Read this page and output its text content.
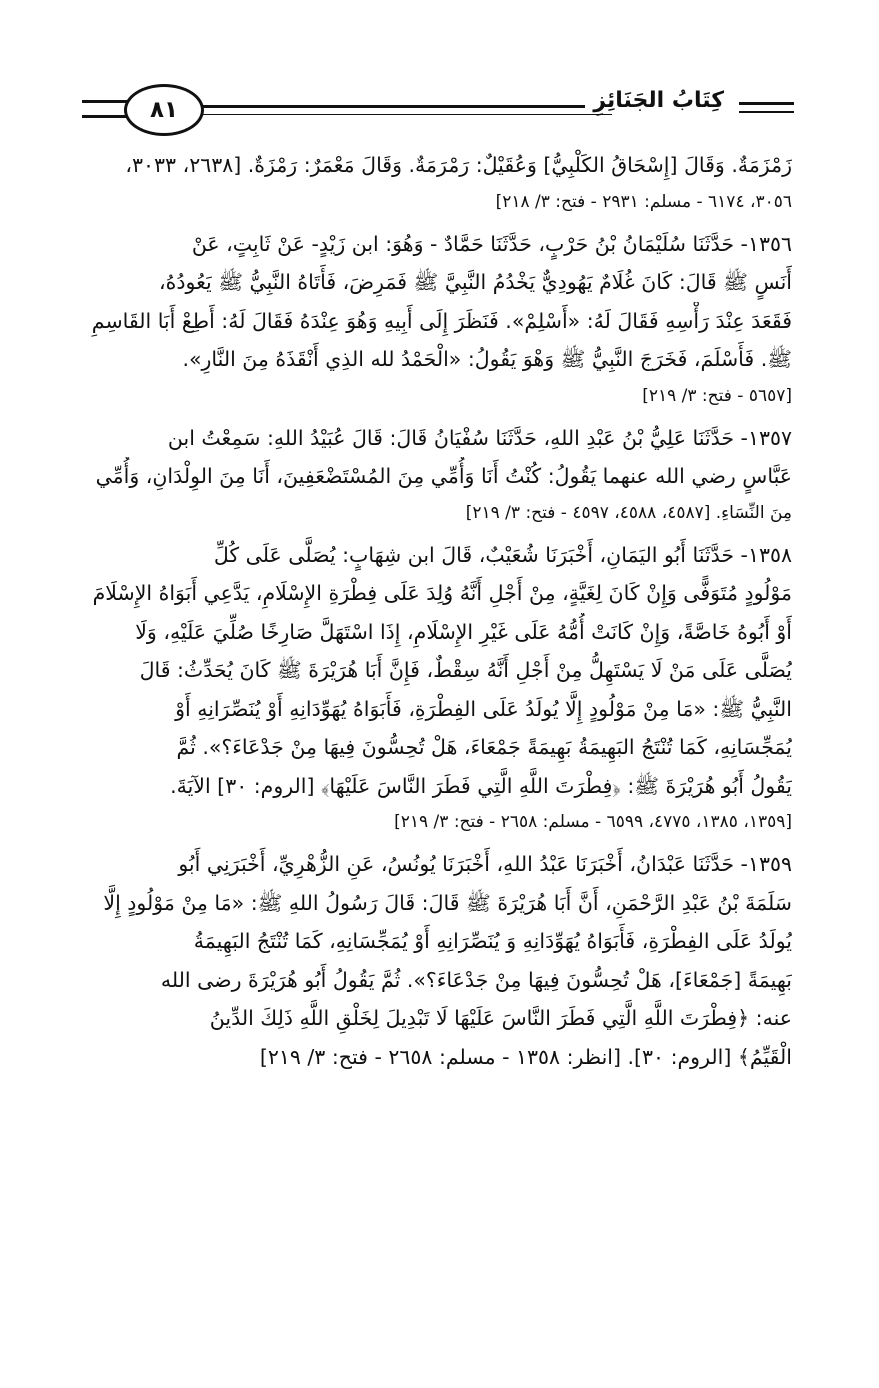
٨١	كِتَابُ الجَنَائِزِ
زَمْزَمَةٌ. وَقَالَ [إِسْحَاقُ الكَلْبِيُّ] وَعُقَيْلٌ: رَمْرَمَةٌ. وَقَالَ مَعْمَرٌ: رَمْزَةٌ. [٢٦٣٨، ٣٠٣٣،
٣٠٥٦، ٦١٧٤ - مسلم: ٢٩٣١ - فتح: ٣/ ٢١٨]
١٣٥٦- حَدَّثَنَا سُلَيْمَانُ بْنُ حَرْبٍ، حَدَّثَنَا حَمَّادٌ - وَهُوَ: ابن زَيْدٍ- عَنْ ثَابِتٍ، عَنْ
أَنَسٍ ﷺ قَالَ: كَانَ غُلَامٌ يَهُودِيٌّ يَخْدُمُ النَّبِيَّ ﷺ فَمَرِضَ، فَأَتَاهُ النَّبِيُّ ﷺ يَعُودُهُ،
فَقَعَدَ عِنْدَ رَأْسِهِ فَقَالَ لَهُ: «أَسْلِمْ». فَنَظَرَ إِلَى أَبِيهِ وَهُوَ عِنْدَهُ فَقَالَ لَهُ: أَطِعْ أَبَا القَاسِمِ
ﷺ. فَأَسْلَمَ، فَخَرَجَ النَّبِيُّ ﷺ وَهْوَ يَقُولُ: «الْحَمْدُ لله الذِي أَنْقَذَهُ مِنَ النَّارِ».
[٥٦٥٧ - فتح: ٣/ ٢١٩]
١٣٥٧- حَدَّثَنَا عَلِيُّ بْنُ عَبْدِ اللهِ، حَدَّثَنَا سُفْيَانُ قَالَ: قَالَ عُبَيْدُ اللهِ: سَمِعْتُ ابن
عَبَّاسٍ رضي الله عنهما يَقُولُ: كُنْتُ أَنَا وَأُمِّي مِنَ المُسْتَضْعَفِينَ، أَنَا مِنَ الوِلْدَانِ، وَأُمِّي
مِنَ النِّسَاءِ. [٤٥٨٧، ٤٥٨٨، ٤٥٩٧ - فتح: ٣/ ٢١٩]
١٣٥٨- حَدَّثَنَا أَبُو اليَمَانِ، أَخْبَرَنَا شُعَيْبٌ، قَالَ ابن شِهَابٍ: يُصَلَّى عَلَى كُلِّ
مَوْلُودٍ مُتَوَفًّى وَإِنْ كَانَ لِغَيَّةٍ، مِنْ أَجْلِ أَنَّهُ وُلِدَ عَلَى فِطْرَةِ الإِسْلَامِ، يَدَّعِي أَبَوَاهُ الإِسْلَامَ
أَوْ أَبُوهُ خَاصَّةً، وَإِنْ كَانَتْ أُمُّهُ عَلَى غَيْرِ الإِسْلَامِ، إِذَا اسْتَهَلَّ صَارِخًا صُلِّيَ عَلَيْهِ، وَلَا
يُصَلَّى عَلَى مَنْ لَا يَسْتَهِلُّ مِنْ أَجْلِ أَنَّهُ سِقْطٌ، فَإِنَّ أَبَا هُرَيْرَةَ ﷺ كَانَ يُحَدِّثُ: قَالَ
النَّبِيُّ ﷺ: «مَا مِنْ مَوْلُودٍ إِلَّا يُولَدُ عَلَى الفِطْرَةِ، فَأَبَوَاهُ يُهَوِّدَانِهِ أَوْ يُنَصِّرَانِهِ أَوْ
يُمَجِّسَانِهِ، كَمَا تُنْتَجُ البَهِيمَةُ بَهِيمَةً جَمْعَاءَ، هَلْ تُحِسُّونَ فِيهَا مِنْ جَدْعَاءَ؟». ثُمَّ
يَقُولُ أَبُو هُرَيْرَةَ ﷺ: ﴿فِطْرَتَ اللَّهِ الَّتِي فَطَرَ النَّاسَ عَلَيْهَا﴾ [الروم: ٣٠] الآيَةَ.
[١٣٥٩، ١٣٨٥، ٤٧٧٥، ٦٥٩٩ - مسلم: ٢٦٥٨ - فتح: ٣/ ٢١٩]
١٣٥٩- حَدَّثَنَا عَبْدَانُ، أَخْبَرَنَا عَبْدُ اللهِ، أَخْبَرَنَا يُونُسُ، عَنِ الزُّهْرِيِّ، أَخْبَرَنِي أَبُو
سَلَمَةَ بْنُ عَبْدِ الرَّحْمَنِ، أَنَّ أَبَا هُرَيْرَةَ ﷺ قَالَ: قَالَ رَسُولُ اللهِ ﷺ: «مَا مِنْ مَوْلُودٍ إِلَّا
يُولَدُ عَلَى الفِطْرَةِ، فَأَبَوَاهُ يُهَوِّدَانِهِ وَ يُنَصِّرَانِهِ أَوْ يُمَجِّسَانِهِ، كَمَا تُنْتَجُ البَهِيمَةُ
بَهِيمَةً [جَمْعَاءَ]، هَلْ تُحِسُّونَ فِيهَا مِنْ جَدْعَاءَ؟». ثُمَّ يَقُولُ أَبُو هُرَيْرَةَ رضى الله
عنه: ﴿فِطْرَتَ اللَّهِ الَّتِي فَطَرَ النَّاسَ عَلَيْهَا لَا تَبْدِيلَ لِخَلْقِ اللَّهِ ذَلِكَ الدِّينُ
الْقَيِّمُ﴾ [الروم: ٣٠]. [انظر: ١٣٥٨ - مسلم: ٢٦٥٨ - فتح: ٣/ ٢١٩]
